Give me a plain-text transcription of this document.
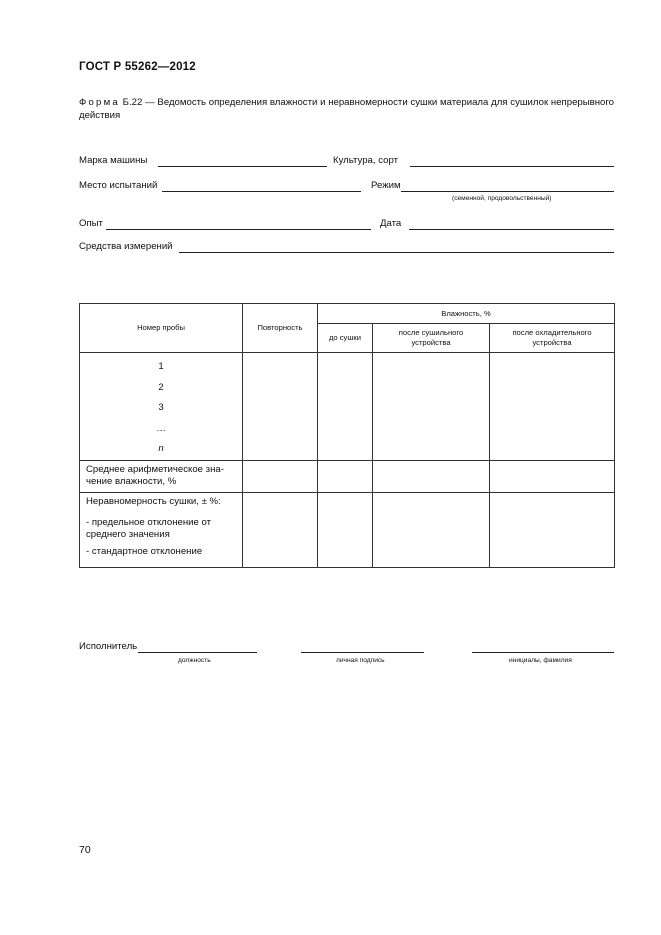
ГОСТ Р 55262—2012
Форма Б.22 — Ведомость определения влажности и неравномерности сушки материала для сушилок непрерывного действия
Марка машины	Культура, сорт
Место испытаний	Режим
(семенной, продовольственный)
Опыт	Дата
Средства измерений
Номер пробы	Повторность	Влажность, %		
		до сушки	после сушильного устройства	после охладительного устройства

1
2
3
…
n				

Среднее арифметическое значение влажности, %				

Неравномерность сушки, ± %:
- предельное отклонение от среднего значения
- стандартное отклонение				

Исполнитель
должность	личная подпись	инициалы, фамилия
70
